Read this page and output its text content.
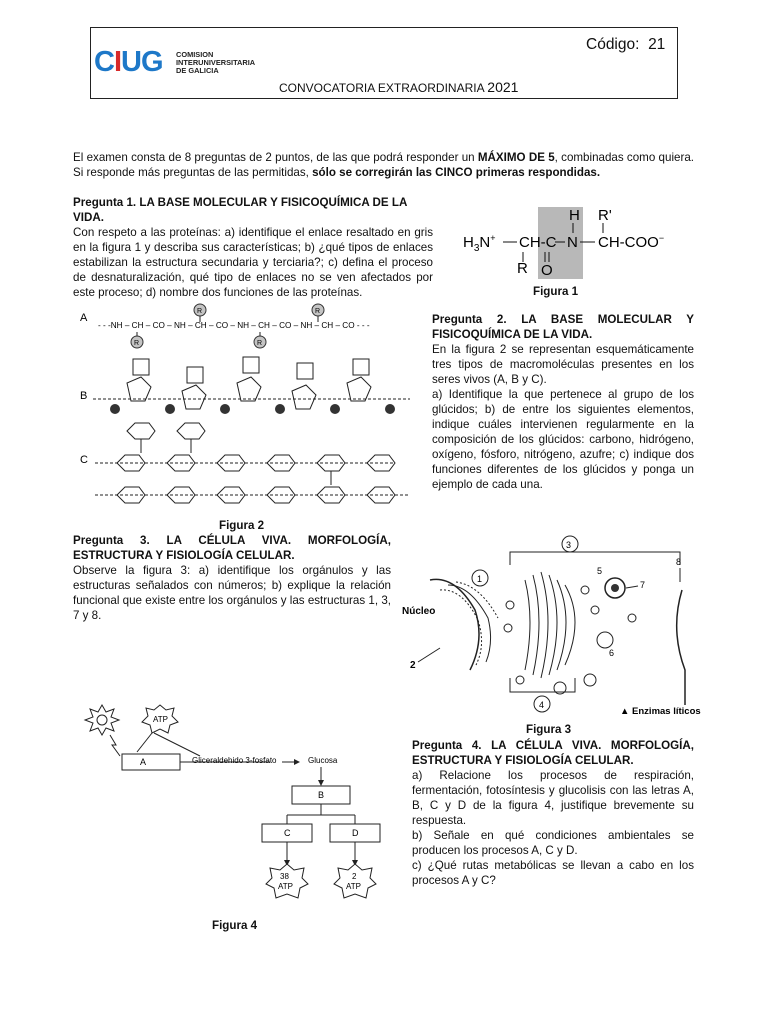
CIUG COMISION
INTERUNIVERSITARIA
DE GALICIA
Código: 21
CONVOCATORIA EXTRAORDINARIA 2021
El examen consta de 8 preguntas de 2 puntos, de las que podrá responder un MÁXIMO DE 5, combinadas como quiera. Si responde más preguntas de las permitidas, sólo se corregirán las CINCO primeras respondidas.
Pregunta 1. LA BASE MOLECULAR Y FISICOQUÍMICA DE LA VIDA.
Con respeto a las proteínas: a) identifique el enlace resaltado en gris en la figura 1 y describa sus características; b) ¿qué tipos de enlaces estabilizan la estructura secundaria y terciaria?; c) defina el proceso de desnaturalización, qué tipo de enlaces no se ven afectados por este proceso; d) nombre dos funciones de las proteínas.
H R'
$H_3N^+$ CH-C N CH-COO−
R O
Figura 1
A
- - -NH – CH – CO – NH – CH – CO – NH – CH – CO – NH – CH – CO - - -
R	R
R	R
B
C
Figura 2
Pregunta 2. LA BASE MOLECULAR Y FISICOQUÍMICA DE LA VIDA.
En la figura 2 se representan esquemáticamente tres tipos de macromoléculas presentes en los seres vivos (A, B y C).
a) Identifique la que pertenece al grupo de los glúcidos; b) de entre los siguientes elementos, indique cuáles intervienen regularmente en la composición de los glúcidos: carbono, hidrógeno, oxígeno, fósforo, nitrógeno, azufre; c) indique dos funciones diferentes de los glúcidos y ponga un ejemplo de cada una.
Pregunta 3. LA CÉLULA VIVA. MORFOLOGÍA, ESTRUCTURA Y FISIOLOGÍA CELULAR.
Observe la figura 3: a) identifique los orgánulos y las estructuras señalados con números; b) explique la relación funcional que existe entre los orgánulos y las estructuras 1, 3, 7 y 8.
3
1
Núcleo
2
5
7
6
8
4
▲ Enzimas líticos
Figura 3
ATP
A	Gliceraldehido 3-fosfato	Glucosa
B
C	D
38
ATP
2
ATP
Figura 4
Pregunta 4. LA CÉLULA VIVA. MORFOLOGÍA, ESTRUCTURA Y FISIOLOGÍA CELULAR.
a) Relacione los procesos de respiración, fermentación, fotosíntesis y glucolisis con las letras A, B, C y D de la figura 4, justifique brevemente su respuesta.
b) Señale en qué condiciones ambientales se producen los procesos A, C y D.
c) ¿Qué rutas metabólicas se llevan a cabo en los procesos A y C?
